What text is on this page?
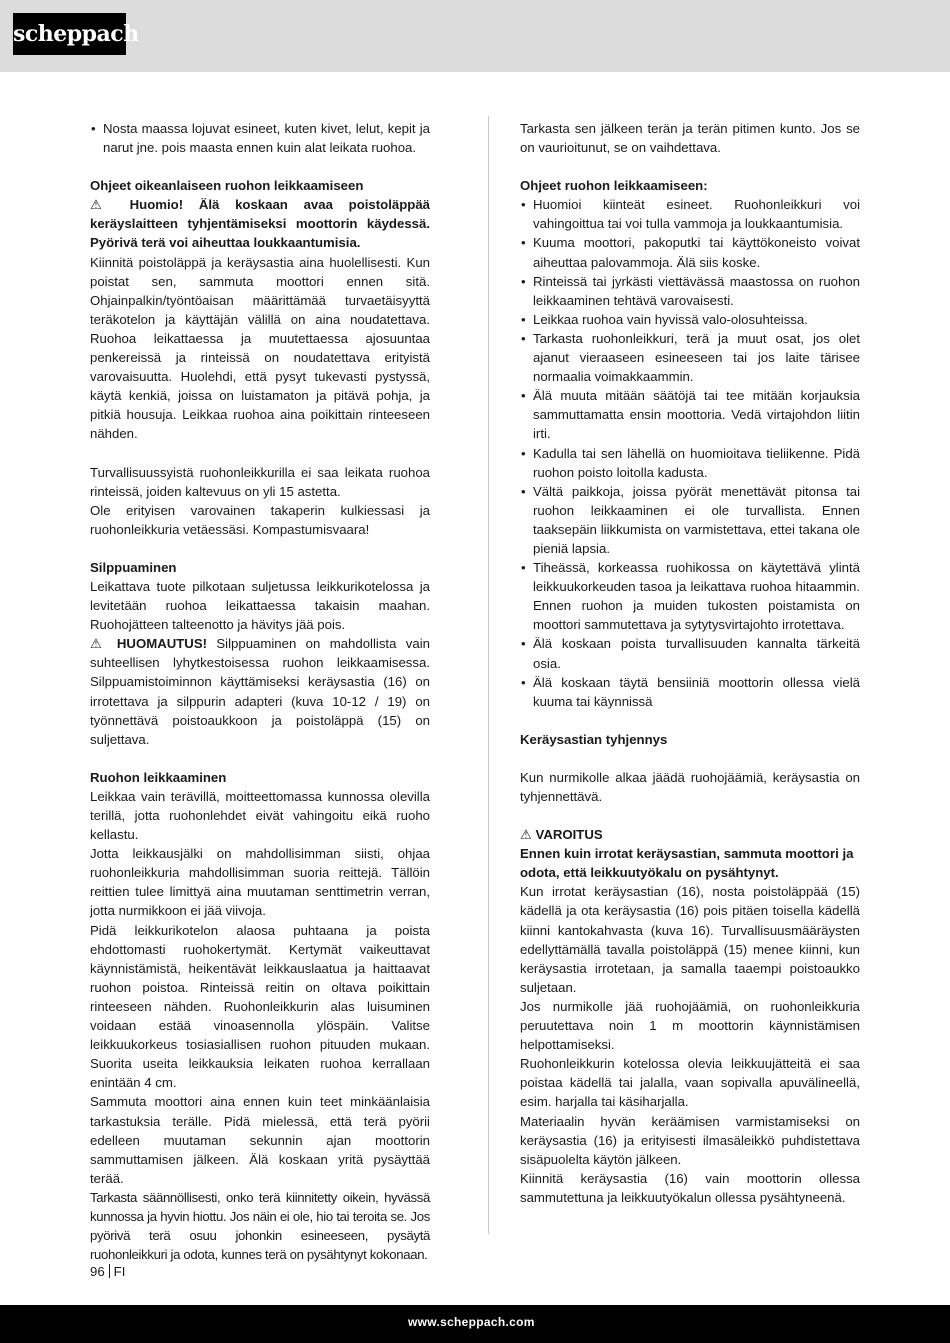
scheppach
• Nosta maassa lojuvat esineet, kuten kivet, lelut, kepit ja narut jne. pois maasta ennen kuin alat leikata ruohoa.

Ohjeet oikeanlaiseen ruohon leikkaamiseen

⚠ Huomio! Älä koskaan avaa poistoläppää keräyslaitteen tyhjentämiseksi moottorin käydessä. Pyörivä terä voi aiheuttaa loukkaantumisia.

Kiinnitä poistoläppä ja keräysastia aina huolellisesti. Kun poistat sen, sammuta moottori ennen sitä. Ohjainpalkin/työntöaisan määrittämää turvaetäisyyttä teräkotelon ja käyttäjän välillä on aina noudatettava. Ruohoa leikattaessa ja muutettaessa ajosuuntaa penkereissä ja rinteissä on noudatettava erityistä varovaisuutta. Huolehdi, että pysyt tukevasti pystyssä, käytä kenkiä, joissa on luistamaton ja pitävä pohja, ja pitkiä housuja. Leikkaa ruohoa aina poikittain rinteeseen nähden.

Turvallisuussyistä ruohonleikkurilla ei saa leikata ruohoa rinteissä, joiden kaltevuus on yli 15 astetta.

Ole erityisen varovainen takaperin kulkiessasi ja ruohonleikkuria vetäessäsi. Kompastumisvaara!

Silppuaminen

Leikattava tuote pilkotaan suljetussa leikkurikotelossa ja levitetään ruohoa leikattaessa takaisin maahan. Ruohojätteen talteenotto ja hävitys jää pois.

⚠ HUOMAUTUS! Silppuaminen on mahdollista vain suhteellisen lyhytkestoisessa ruohon leikkaamisessa. Silppuamistoiminnon käyttämiseksi keräysastia (16) on irrotettava ja silppurin adapteri (kuva 10-12 / 19) on työnnettävä poistoaukkoon ja poistoläppä (15) on suljettava.

Ruohon leikkaaminen

Leikkaa vain terävillä, moitteettomassa kunnossa olevilla terillä, jotta ruohonlehdet eivät vahingoitu eikä ruoho kellastu.

Jotta leikkausjälki on mahdollisimman siisti, ohjaa ruohonleikkuria mahdollisimman suoria reittejä. Tällöin reittien tulee limittyä aina muutaman senttimetrin verran, jotta nurmikkoon ei jää viivoja.

Pidä leikkurikotelon alaosa puhtaana ja poista ehdottomasti ruohokertymät. Kertymät vaikeuttavat käynnistämistä, heikentävät leikkauslaatua ja haittaavat ruohon poistoa. Rinteissä reitin on oltava poikittain rinteeseen nähden. Ruohonleikkurin alas luisuminen voidaan estää vinoasennolla ylöspäin. Valitse leikkuukorkeus tosiasiallisen ruohon pituuden mukaan. Suorita useita leikkauksia leikaten ruohoa kerrallaan enintään 4 cm.

Sammuta moottori aina ennen kuin teet minkäänlaisia tarkastuksia terälle. Pidä mielessä, että terä pyörii edelleen muutaman sekunnin ajan moottorin sammuttamisen jälkeen. Älä koskaan yritä pysäyttää terää.

Tarkasta säännöllisesti, onko terä kiinnitetty oikein, hyvässä kunnossa ja hyvin hiottu. Jos näin ei ole, hio tai teroita se. Jos pyörivä terä osuu johonkin esineeseen, pysäytä ruohonleikkuri ja odota, kunnes terä on pysähtynyt kokonaan.

Tarkasta sen jälkeen terän ja terän pitimen kunto. Jos se on vaurioitunut, se on vaihdettava.

Ohjeet ruohon leikkaamiseen:

• Huomioi kiinteät esineet. Ruohonleikkuri voi vahingoittua tai voi tulla vammoja ja loukkaantumisia.
• Kuuma moottori, pakoputki tai käyttökoneisto voivat aiheuttaa palovammoja. Älä siis koske.
• Rinteissä tai jyrkästi viettävässä maastossa on ruohon leikkaaminen tehtävä varovaisesti.
• Leikkaa ruohoa vain hyvissä valo-olosuhteissa.
• Tarkasta ruohonleikkuri, terä ja muut osat, jos olet ajanut vieraaseen esineeseen tai jos laite tärisee normaalia voimakkaammin.
• Älä muuta mitään säätöjä tai tee mitään korjauksia sammuttamatta ensin moottoria. Vedä virtajohdon liitin irti.
• Kadulla tai sen lähellä on huomioitava tieliikenne. Pidä ruohon poisto loitolla kadusta.
• Vältä paikkoja, joissa pyörät menettävät pitonsa tai ruohon leikkaaminen ei ole turvallista. Ennen taaksepäin liikkumista on varmistettava, ettei takana ole pieniä lapsia.
• Tiheässä, korkeassa ruohikossa on käytettävä ylintä leikkuukorkeuden tasoa ja leikattava ruohoa hitaammin. Ennen ruohon ja muiden tukosten poistamista on moottori sammutettava ja sytytysvirtajohto irrotettava.
• Älä koskaan poista turvallisuuden kannalta tärkeitä osia.
• Älä koskaan täytä bensiiniä moottorin ollessa vielä kuuma tai käynnissä

Keräysastian tyhjennys

Kun nurmikolle alkaa jäädä ruohojäämiä, keräysastia on tyhjennettävä.

⚠ VAROITUS

Ennen kuin irrotat keräysastian, sammuta moottori ja odota, että leikkuutyökalu on pysähtynyt.

Kun irrotat keräysastian (16), nosta poistoläppää (15) kädellä ja ota keräysastia (16) pois pitäen toisella kädellä kiinni kantokahvasta (kuva 16). Turvallisuusmääräysten edellyttämällä tavalla poistoläppä (15) menee kiinni, kun keräysastia irrotetaan, ja samalla taaempi poistoaukko suljetaan.

Jos nurmikolle jää ruohojäämiä, on ruohonleikkuria peruutettava noin 1 m moottorin käynnistämisen helpottamiseksi.

Ruohonleikkurin kotelossa olevia leikkuujätteitä ei saa poistaa kädellä tai jalalla, vaan sopivalla apuvälineellä, esim. harjalla tai käsiharjalla.

Materiaalin hyvän keräämisen varmistamiseksi on keräysastia (16) ja erityisesti ilmasäleikkö puhdistettava sisäpuolelta käytön jälkeen.

Kiinnitä keräysastia (16) vain moottorin ollessa sammutettuna ja leikkuutyökalun ollessa pysähtyneenä.

96 FI
www.scheppach.com
